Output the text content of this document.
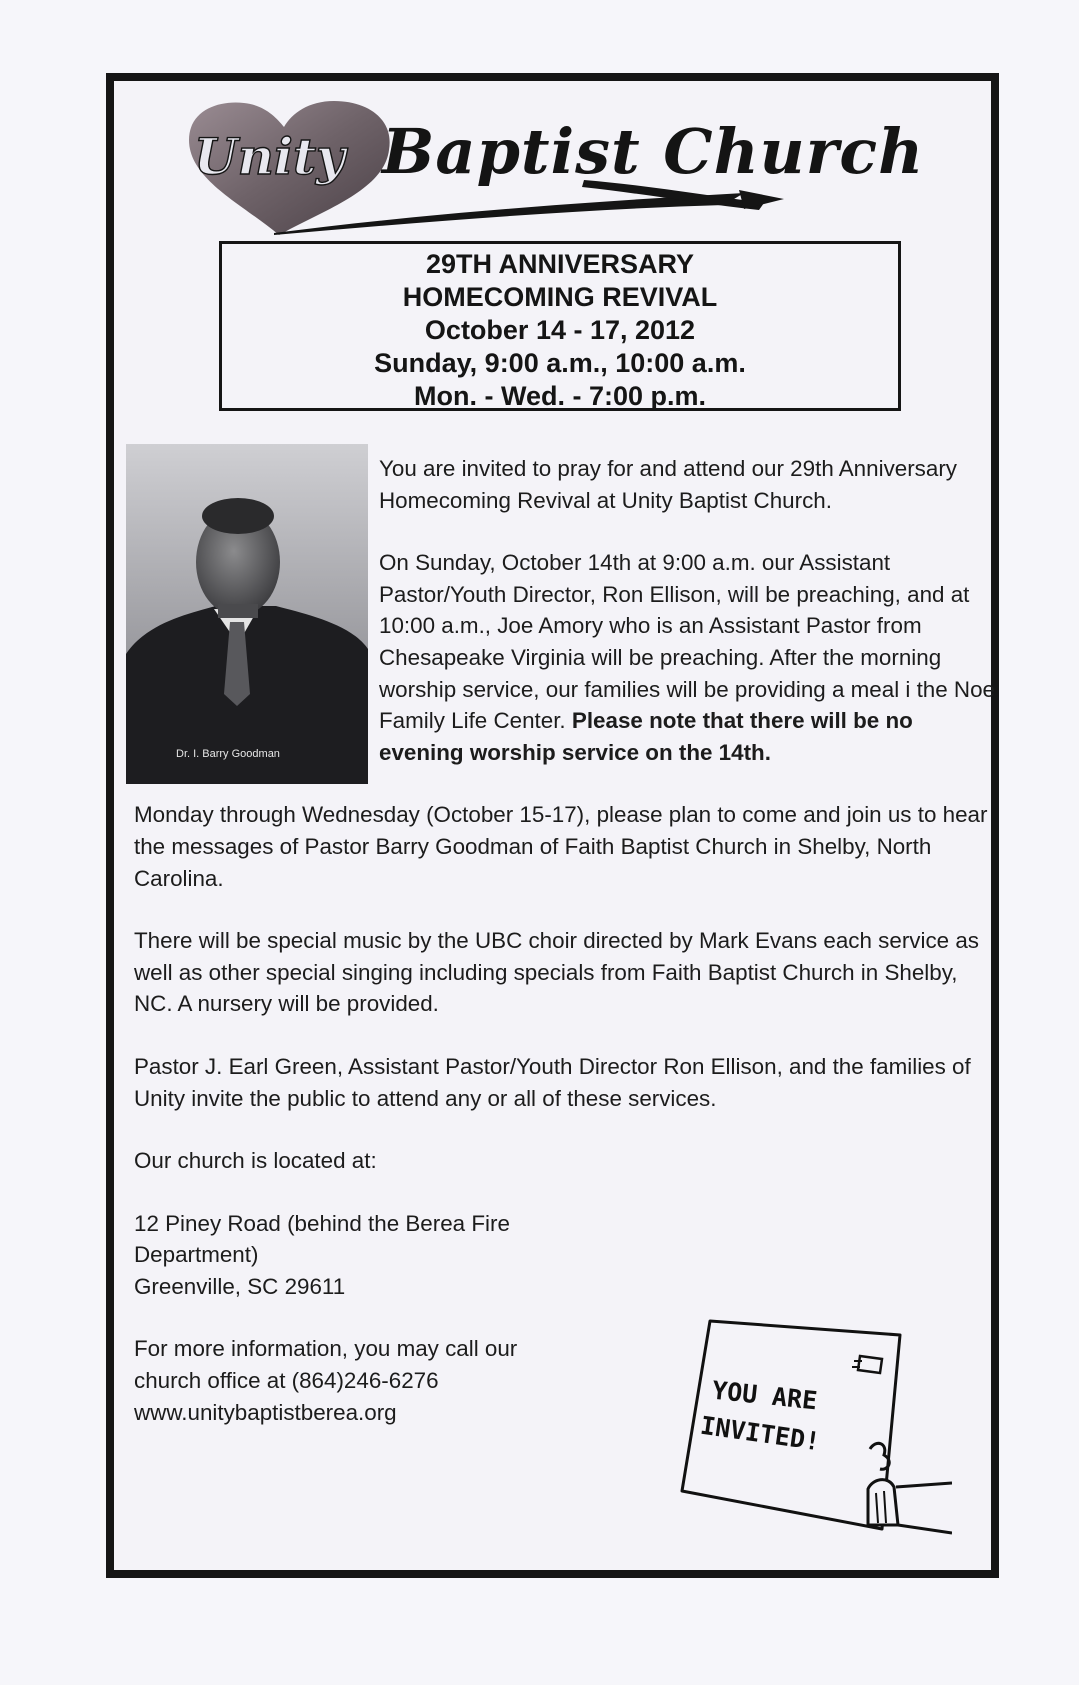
Unity Baptist Church
29TH ANNIVERSARY
HOMECOMING REVIVAL
October 14 - 17, 2012
Sunday, 9:00 a.m., 10:00 a.m.
Mon. - Wed. - 7:00 p.m.
Dr. I. Barry Goodman

You are invited to pray for and attend our 29th Anniversary Homecoming Revival at Unity Baptist Church.

On Sunday, October 14th at 9:00 a.m. our Assistant Pastor/Youth Director, Ron Ellison, will be preaching, and at 10:00 a.m., Joe Amory who is an Assistant Pastor from Chesapeake Virginia will be preaching. After the morning worship service, our families will be providing a meal i the Noe Family Life Center. Please note that there will be no evening worship service on the 14th.

Monday through Wednesday (October 15-17), please plan to come and join us to hear the messages of Pastor Barry Goodman of Faith Baptist Church in Shelby, North Carolina.

There will be special music by the UBC choir directed by Mark Evans each service as well as other special singing including specials from Faith Baptist Church in Shelby, NC. A nursery will be provided.

Pastor J. Earl Green, Assistant Pastor/Youth Director Ron Ellison, and the families of Unity invite the public to attend any or all of these services.

Our church is located at:

12 Piney Road (behind the Berea Fire
Department)
Greenville, SC 29611

For more information, you may call our
church office at (864)246-6276
www.unitybaptistberea.org	YOU ARE
INVITED!
